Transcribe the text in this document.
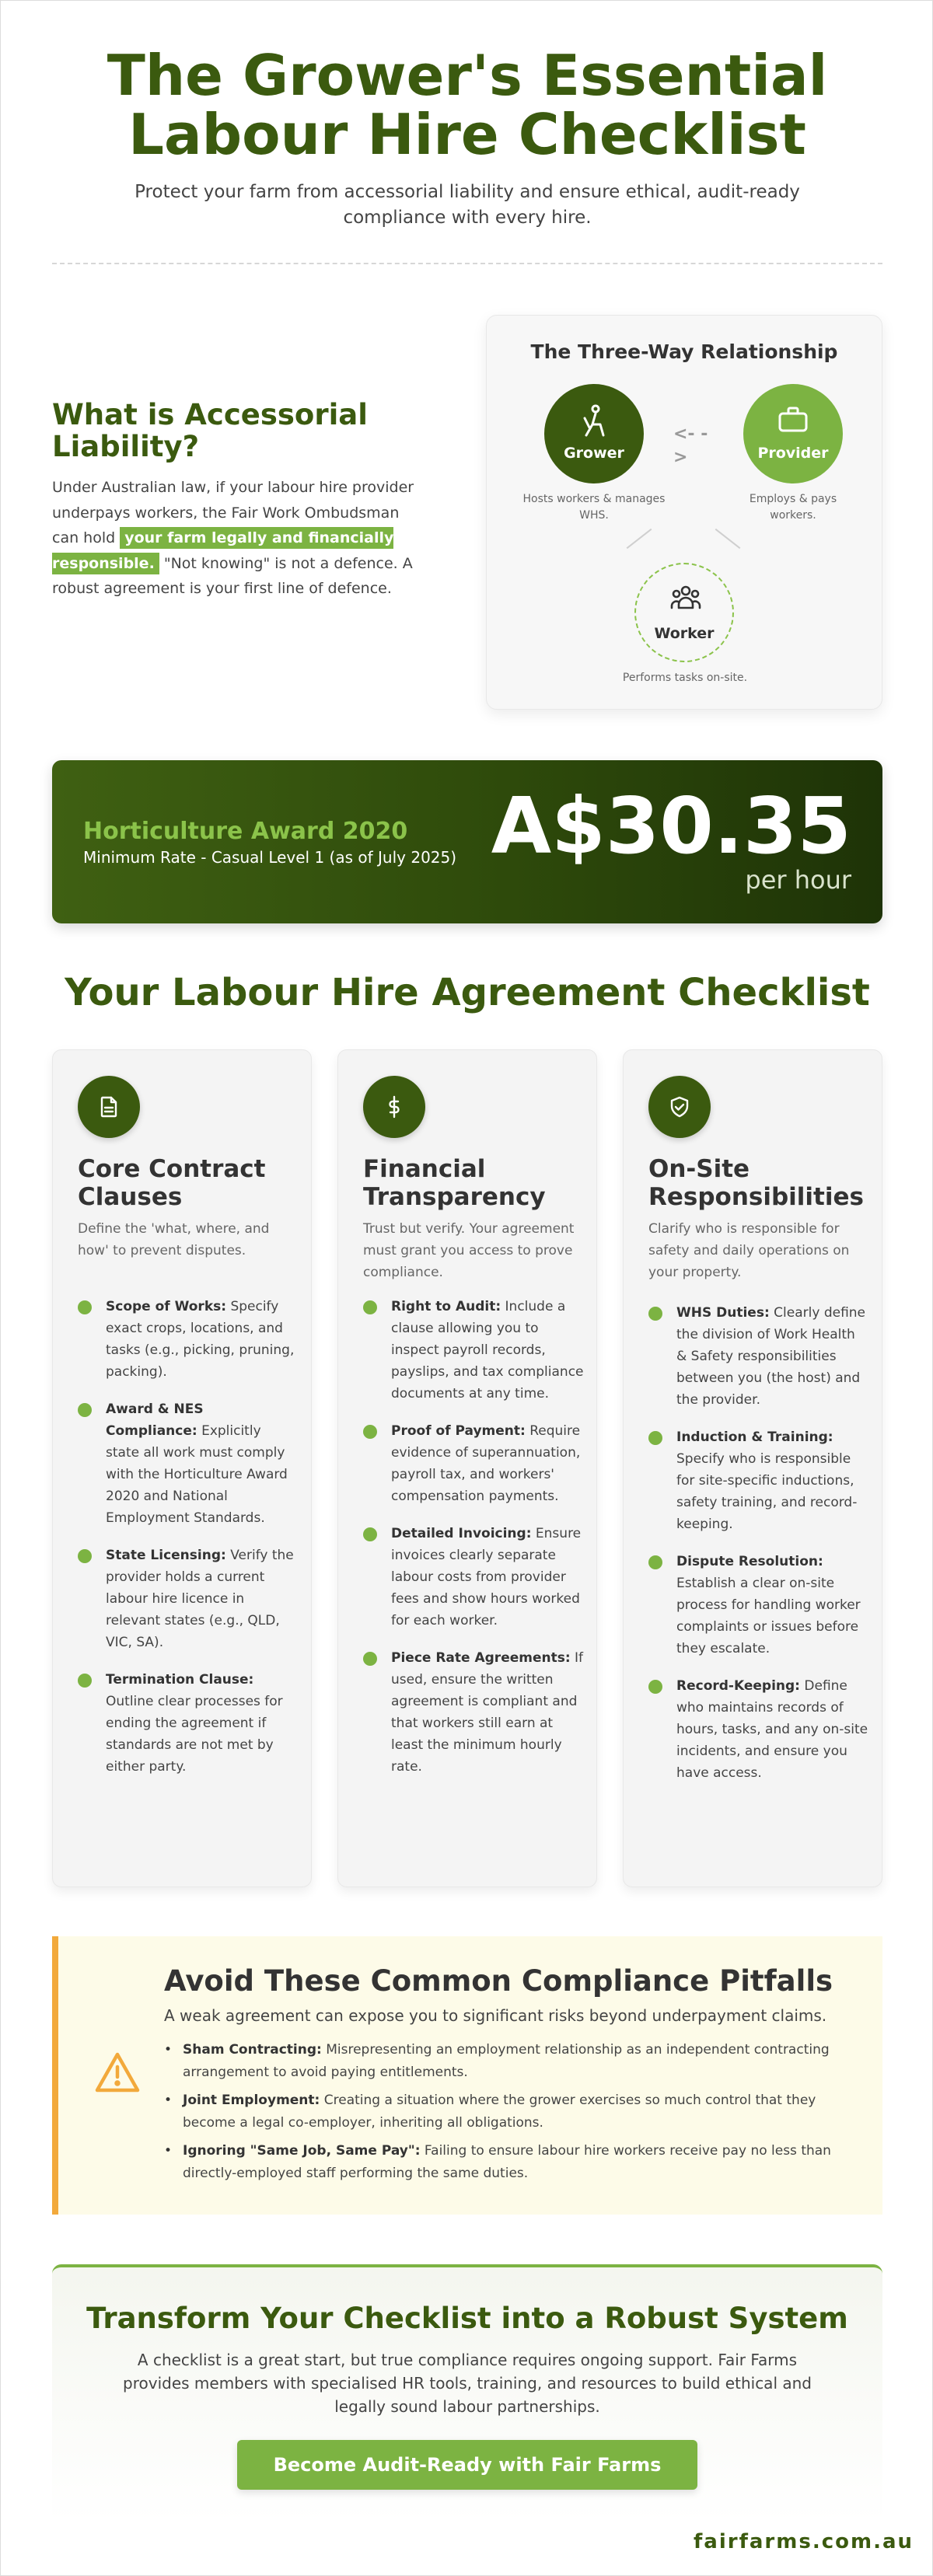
The Grower's Essential Labour Hire Checklist

Protect your farm from accessorial liability and ensure ethical, audit-ready compliance with every hire.

What is Accessorial Liability?

Under Australian law, if your labour hire provider underpays workers, the Fair Work Ombudsman can hold your farm legally and financially responsible. "Not knowing" is not a defence. A robust agreement is your first line of defence.

The Three-Way Relationship
Grower
<- - >	Provider
Hosts workers & manages WHS.
Employs & pays workers.
Worker
Performs tasks on-site.
Horticulture Award 2020
Minimum Rate - Casual Level 1 (as of July 2025) A$30.35
per hour
Your Labour Hire Agreement Checklist
Core Contract Clauses

Define the 'what, where, and how' to prevent disputes.

Scope of Works: Specify exact crops, locations, and tasks (e.g., picking, pruning, packing).
Award & NES Compliance: Explicitly state all work must comply with the Horticulture Award 2020 and National Employment Standards.
State Licensing: Verify the provider holds a current labour hire licence in relevant states (e.g., QLD, VIC, SA).
Termination Clause: Outline clear processes for ending the agreement if standards are not met by either party.
Financial Transparency

Trust but verify. Your agreement must grant you access to prove compliance.

Right to Audit: Include a clause allowing you to inspect payroll records, payslips, and tax compliance documents at any time.
Proof of Payment: Require evidence of superannuation, payroll tax, and workers' compensation payments.
Detailed Invoicing: Ensure invoices clearly separate labour costs from provider fees and show hours worked for each worker.
Piece Rate Agreements: If used, ensure the written agreement is compliant and that workers still earn at least the minimum hourly rate.
On-Site Responsibilities

Clarify who is responsible for safety and daily operations on your property.

WHS Duties: Clearly define the division of Work Health & Safety responsibilities between you (the host) and the provider.
Induction & Training: Specify who is responsible for site-specific inductions, safety training, and record-keeping.
Dispute Resolution: Establish a clear on-site process for handling worker complaints or issues before they escalate.
Record-Keeping: Define who maintains records of hours, tasks, and any on-site incidents, and ensure you have access.
Avoid These Common Compliance Pitfalls

A weak agreement can expose you to significant risks beyond underpayment claims.

• Sham Contracting: Misrepresenting an employment relationship as an independent contracting arrangement to avoid paying entitlements.
• Joint Employment: Creating a situation where the grower exercises so much control that they become a legal co-employer, inheriting all obligations.
• Ignoring "Same Job, Same Pay": Failing to ensure labour hire workers receive pay no less than directly-employed staff performing the same duties.
Transform Your Checklist into a Robust System

A checklist is a great start, but true compliance requires ongoing support. Fair Farms provides members with specialised HR tools, training, and resources to build ethical and legally sound labour partnerships.

Become Audit-Ready with Fair Farms
fairfarms.com.au
